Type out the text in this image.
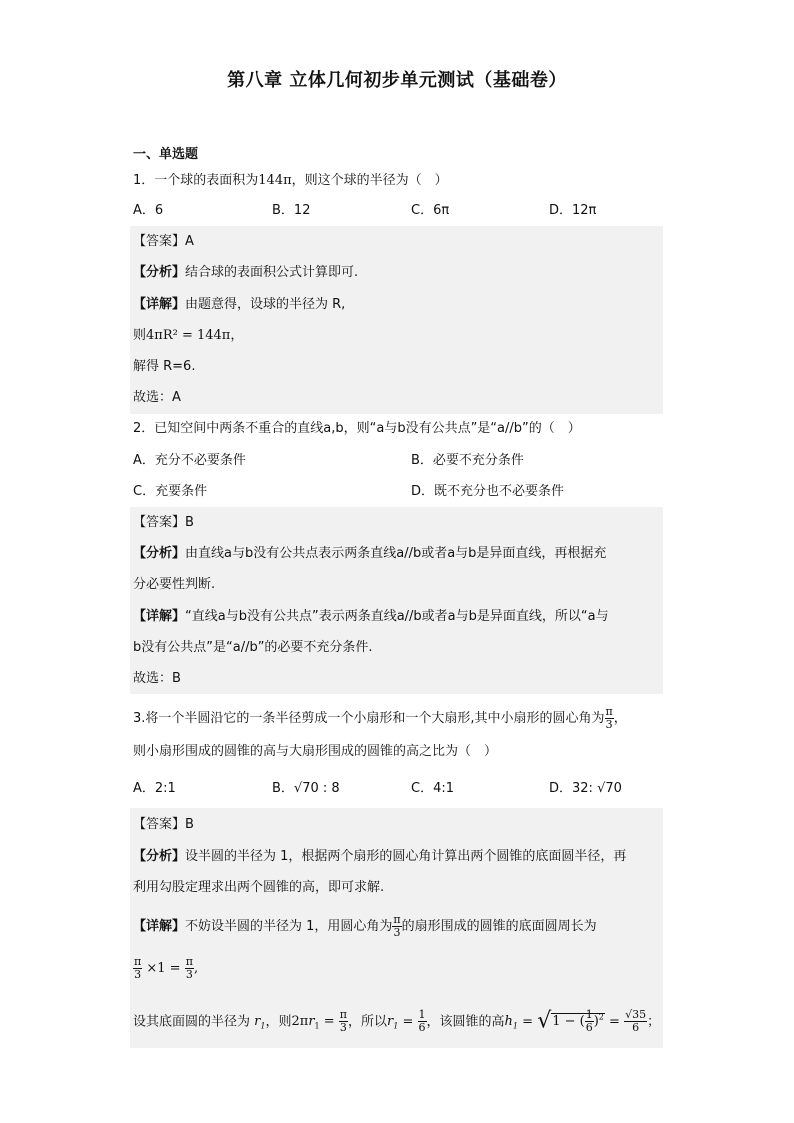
第八章 立体几何初步单元测试（基础卷）
一、单选题
1．一个球的表面积为144π，则这个球的半径为（　）
A．6	B．12	C．6π	D．12π
【答案】A
【分析】结合球的表面积公式计算即可.
【详解】由题意得，设球的半径为 R,
则4πR² = 144π，
解得 R=6.
故选：A
2．已知空间中两条不重合的直线a,b，则“a与b没有公共点”是“a//b”的（　）
A．充分不必要条件	B．必要不充分条件
C．充要条件	D．既不充分也不必要条件
【答案】B
【分析】由直线a与b没有公共点表示两条直线a//b或者a与b是异面直线，再根据充
分必要性判断.
【详解】“直线a与b没有公共点”表示两条直线a//b或者a与b是异面直线，所以“a与
b没有公共点”是“a//b”的必要不充分条件.
故选：B
3.将一个半圆沿它的一条半径剪成一个小扇形和一个大扇形,其中小扇形的圆心角为 $\frac{\pi}{3}$ ，
则小扇形围成的圆锥的高与大扇形围成的圆锥的高之比为（　）
A．2:1	B．√70 : 8	C．4:1	D．32: √70
【答案】B
【分析】设半圆的半径为 1，根据两个扇形的圆心角计算出两个圆锥的底面圆半径，再
利用勾股定理求出两个圆锥的高，即可求解.
【详解】不妨设半圆的半径为 1，用圆心角为 $\frac{\pi}{3}$ 的扇形围成的圆锥的底面圆周长为
$\frac{\pi}{3} \times 1 = \frac{\pi}{3}$ ,
设其底面圆的半径为 $r_1$，则$2\pi r_1 = \frac{\pi}{3}$ ，所以$r_1 = \frac{1}{6}$ ，该圆锥的高$h_1 = √1$ − ( $\frac{1}{6} )^2 = \frac{√35}{6}$ ；
